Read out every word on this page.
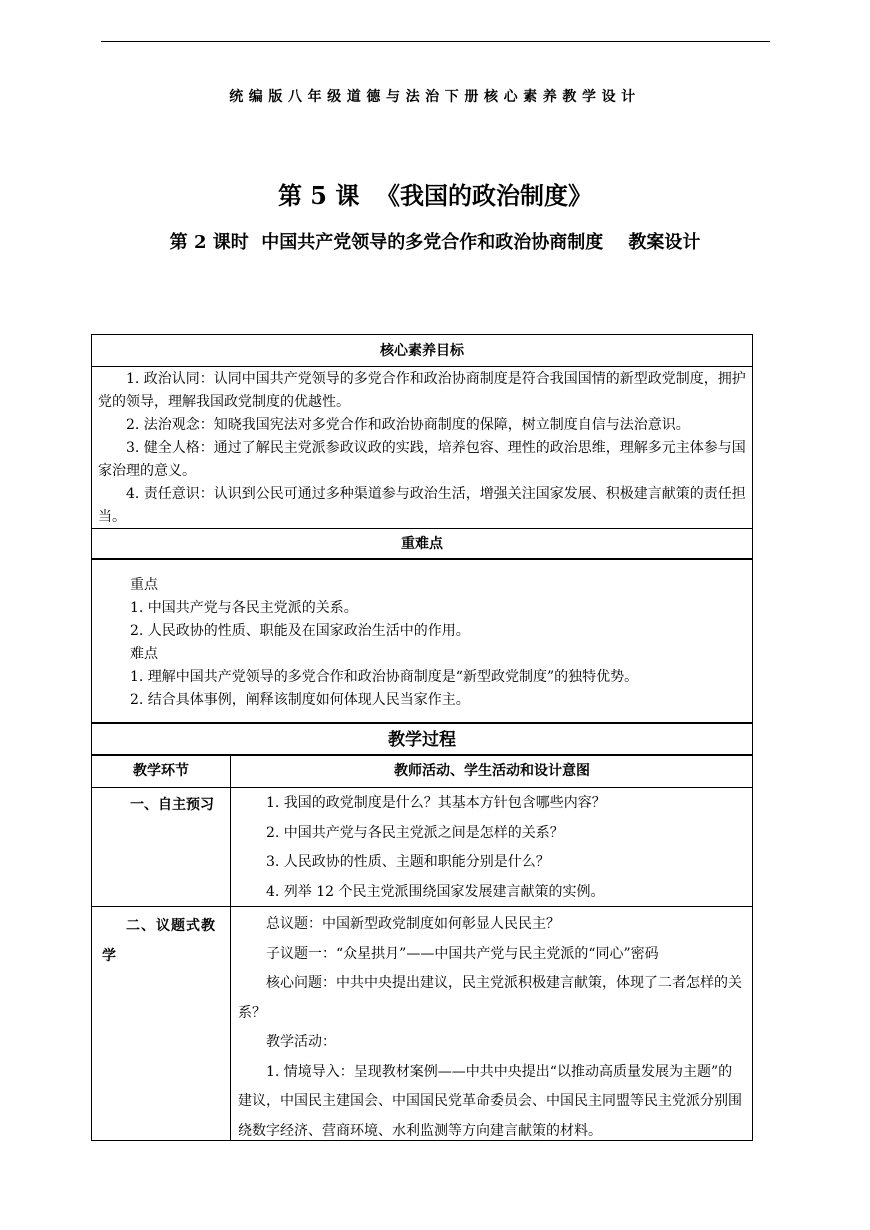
统编版八年级道德与法治下册核心素养教学设计
第 5 课  《我国的政治制度》
第 2 课时  中国共产党领导的多党合作和政治协商制度    教案设计
核心素养目标

1. 政治认同：认同中国共产党领导的多党合作和政治协商制度是符合我国国情的新型政党制度，拥护党的领导，理解我国政党制度的优越性。

2. 法治观念：知晓我国宪法对多党合作和政治协商制度的保障，树立制度自信与法治意识。

3. 健全人格：通过了解民主党派参政议政的实践，培养包容、理性的政治思维，理解多元主体参与国家治理的意义。

4. 责任意识：认识到公民可通过多种渠道参与政治生活，增强关注国家发展、积极建言献策的责任担当。

重难点

重点

1. 中国共产党与各民主党派的关系。

2. 人民政协的性质、职能及在国家政治生活中的作用。

难点

1. 理解中国共产党领导的多党合作和政治协商制度是“新型政党制度”的独特优势。

2. 结合具体事例，阐释该制度如何体现人民当家作主。

教学过程
教学环节	教师活动、学生活动和设计意图
一、自主预习	1. 我国的政党制度是什么？其基本方针包含哪些内容？

2. 中国共产党与各民主党派之间是怎样的关系？

3. 人民政协的性质、主题和职能分别是什么？

4. 列举 12 个民主党派围绕国家发展建言献策的实例。

二、议题式教学

总议题：中国新型政党制度如何彰显人民民主？

子议题一：“众星拱月”——中国共产党与民主党派的“同心”密码

核心问题：中共中央提出建议，民主党派积极建言献策，体现了二者怎样的关系？

教学活动：

1. 情境导入：呈现教材案例——中共中央提出“以推动高质量发展为主题”的建议，中国民主建国会、中国国民党革命委员会、中国民主同盟等民主党派分别围绕数字经济、营商环境、水利监测等方向建言献策的材料。
